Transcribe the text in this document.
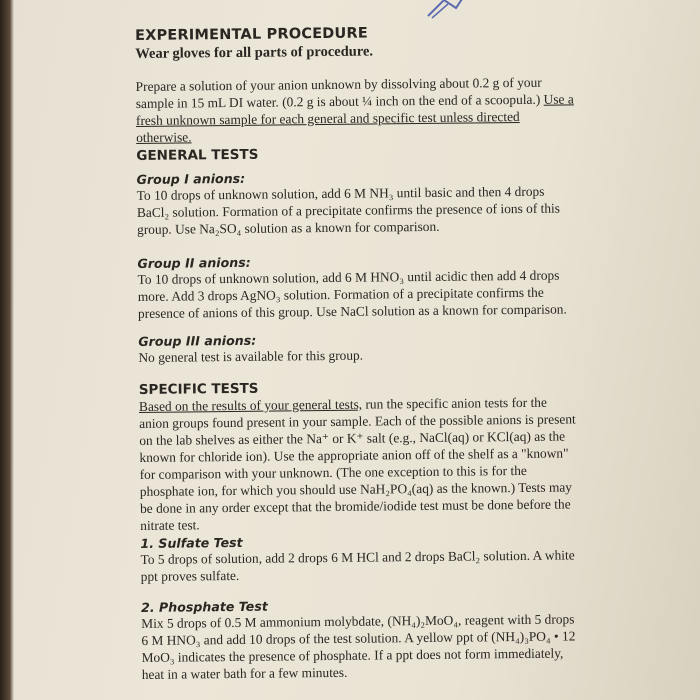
EXPERIMENTAL PROCEDURE

Wear gloves for all parts of procedure.

Prepare a solution of your anion unknown by dissolving about 0.2 g of your sample in 15 mL DI water. (0.2 g is about ¼ inch on the end of a scoopula.) Use a fresh unknown sample for each general and specific test unless directed otherwise.

GENERAL TESTS

Group I anions:

To 10 drops of unknown solution, add 6 M NH₃ until basic and then 4 drops BaCl₂ solution. Formation of a precipitate confirms the presence of ions of this group. Use Na₂SO₄ solution as a known for comparison.

Group II anions:

To 10 drops of unknown solution, add 6 M HNO₃ until acidic then add 4 drops more. Add 3 drops AgNO₃ solution. Formation of a precipitate confirms the presence of anions of this group. Use NaCl solution as a known for comparison.

Group III anions:

No general test is available for this group.

SPECIFIC TESTS

Based on the results of your general tests, run the specific anion tests for the anion groups found present in your sample. Each of the possible anions is present on the lab shelves as either the Na⁺ or K⁺ salt (e.g., NaCl(aq) or KCl(aq) as the known for chloride ion). Use the appropriate anion off of the shelf as a "known" for comparison with your unknown. (The one exception to this is for the phosphate ion, for which you should use NaH₂PO₄(aq) as the known.) Tests may be done in any order except that the bromide/iodide test must be done before the nitrate test.

1. Sulfate Test

To 5 drops of solution, add 2 drops 6 M HCl and 2 drops BaCl₂ solution. A white ppt proves sulfate.

2. Phosphate Test

Mix 5 drops of 0.5 M ammonium molybdate, (NH₄)₂MoO₄, reagent with 5 drops 6 M HNO₃ and add 10 drops of the test solution. A yellow ppt of (NH₄)₃PO₄ • 12 MoO₃ indicates the presence of phosphate. If a ppt does not form immediately, heat in a water bath for a few minutes.
